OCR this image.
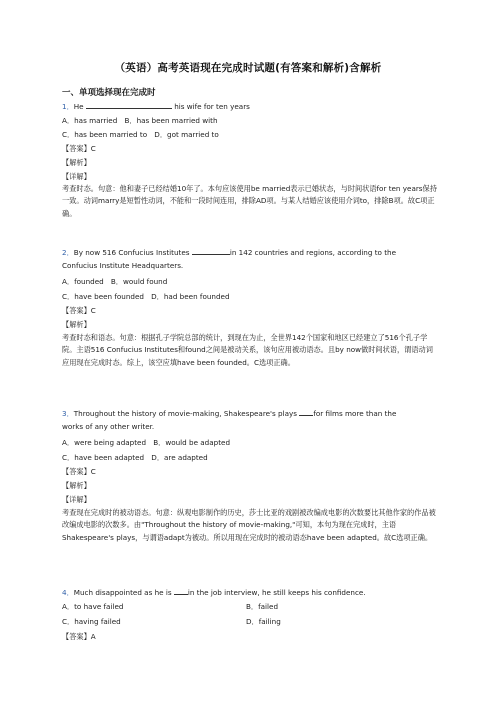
（英语）高考英语现在完成时试题(有答案和解析)含解析
一、单项选择现在完成时
1．He	his wife for ten years
A．has married　B．has been married with
C．has been married to　D．got married to
【答案】C
【解析】
【详解】
考查时态。句意：他和妻子已经结婚10年了。本句应该使用be married表示已婚状态，与时间状语for ten years保持一致。动词marry是短暂性动词，不能和一段时间连用，排除AD项。与某人结婚应该使用介词to，排除B项。故C项正确。
2．By now 516 Confucius Institutes	in 142 countries and regions, according to the
Confucius Institute Headquarters.
A．founded　B．would found
C．have been founded　D．had been founded
【答案】C
【解析】
考查时态和语态。句意：根据孔子学院总部的统计，到现在为止，全世界142个国家和地区已经建立了516个孔子学院。主语516 Confucius Institutes和found之间是被动关系，该句应用被动语态。且by now做时间状语，谓语动词应用现在完成时态。综上，该空应填have been founded。C选项正确。
3．Throughout the history of movie-making, Shakespeare's plays for films more than the
works of any other writer.
A．were being adapted　B．would be adapted
C．have been adapted　D．are adapted
【答案】C
【解析】
【详解】
考查现在完成时的被动语态。句意：纵观电影制作的历史，莎士比亚的戏剧被改编成电影的次数要比其他作家的作品被改编成电影的次数多。由"Throughout the history of movie-making,"可知，本句为现在完成时，主语Shakespeare's plays，与谓语adapt为被动。所以用现在完成时的被动语态have been adapted。故C选项正确。
4．Much disappointed as he is in the job interview, he still keeps his confidence.
A．to have failed	B．failed
C．having failed	D．failing
【答案】A
